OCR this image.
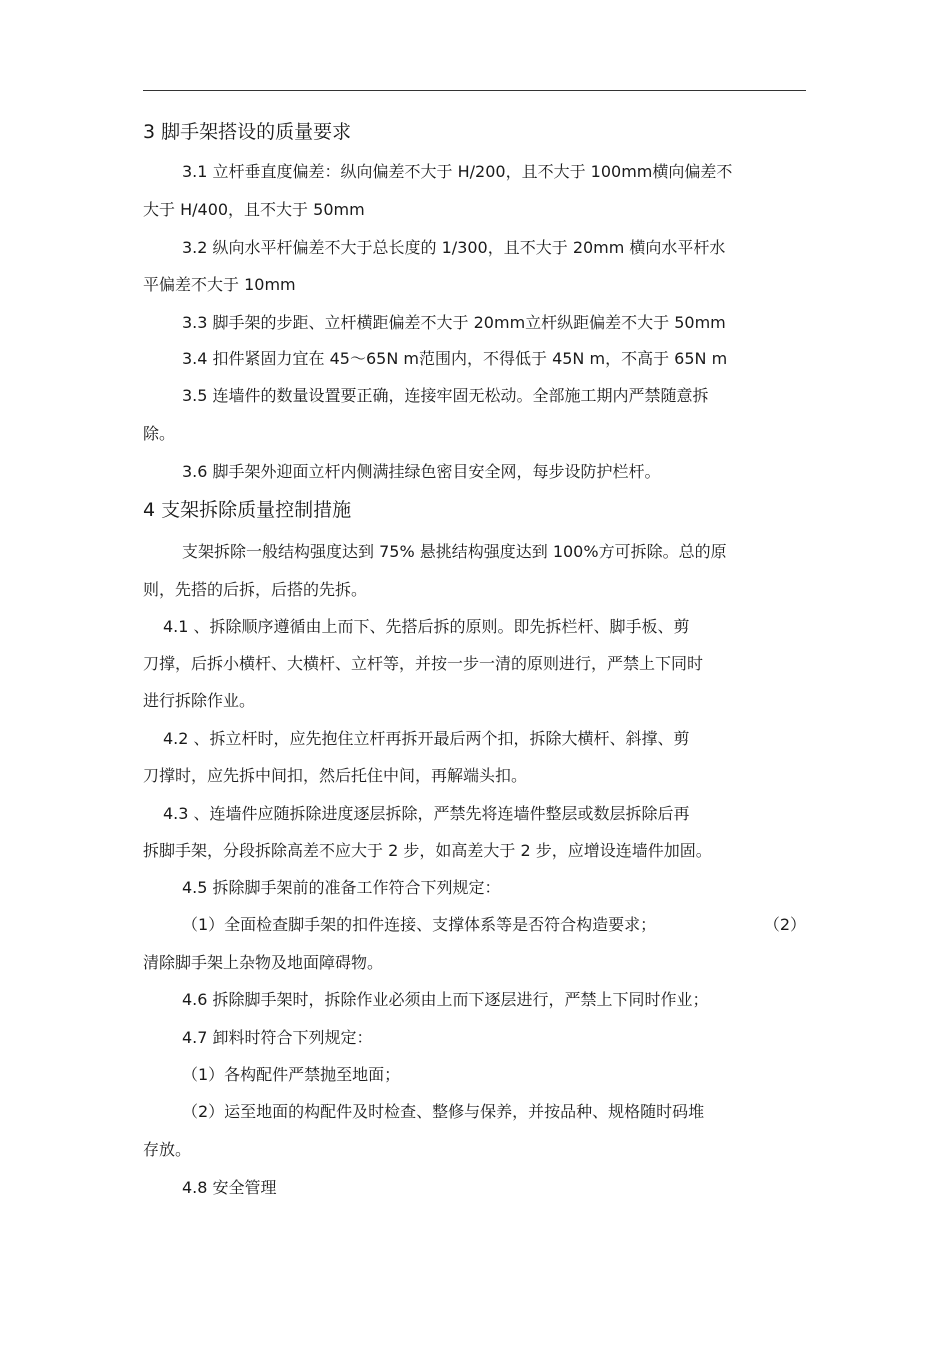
3 脚手架搭设的质量要求
3.1 立杆垂直度偏差：纵向偏差不大于 H/200，且不大于 100mm横向偏差不
大于 H/400，且不大于 50mm
3.2 纵向水平杆偏差不大于总长度的 1/300，且不大于 20mm 横向水平杆水
平偏差不大于 10mm
3.3 脚手架的步距、立杆横距偏差不大于 20mm立杆纵距偏差不大于 50mm
3.4 扣件紧固力宜在 45～65N m范围内，不得低于 45N m，不高于 65N m
3.5 连墙件的数量设置要正确，连接牢固无松动。全部施工期内严禁随意拆
除。
3.6 脚手架外迎面立杆内侧满挂绿色密目安全网，每步设防护栏杆。
4 支架拆除质量控制措施
支架拆除一般结构强度达到 75% 悬挑结构强度达到 100%方可拆除。总的原
则，先搭的后拆，后搭的先拆。
4.1 、拆除顺序遵循由上而下、先搭后拆的原则。即先拆栏杆、脚手板、剪
刀撑，后拆小横杆、大横杆、立杆等，并按一步一清的原则进行，严禁上下同时
进行拆除作业。
4.2 、拆立杆时，应先抱住立杆再拆开最后两个扣，拆除大横杆、斜撑、剪
刀撑时，应先拆中间扣，然后托住中间，再解端头扣。
4.3 、连墙件应随拆除进度逐层拆除，严禁先将连墙件整层或数层拆除后再
拆脚手架，分段拆除高差不应大于 2 步，如高差大于 2 步，应增设连墙件加固。
4.5 拆除脚手架前的准备工作符合下列规定：
（1）全面检查脚手架的扣件连接、支撑体系等是否符合构造要求；	（2）
清除脚手架上杂物及地面障碍物。
4.6 拆除脚手架时，拆除作业必须由上而下逐层进行，严禁上下同时作业；
4.7 卸料时符合下列规定：
（1）各构配件严禁抛至地面；
（2）运至地面的构配件及时检查、整修与保养，并按品种、规格随时码堆
存放。
4.8 安全管理
